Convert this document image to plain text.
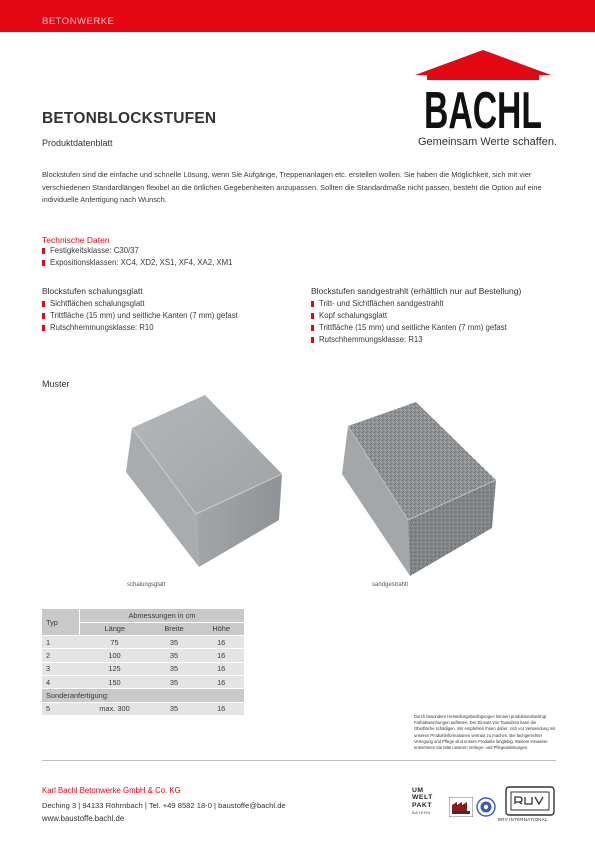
BETONWERKE
BACHL
BETONBLOCKSTUFEN
Produktdatenblatt	Gemeinsam Werte schaffen.
Blockstufen sind die einfache und schnelle Lösung, wenn Sie Aufgänge, Treppenanlagen etc. erstellen wollen. Sie haben die Möglichkeit, sich mit vier verschiedenen Standardlängen flexibel an die örtlichen Gegebenheiten anzupassen. Sollten die Standardmaße nicht passen, besteht die Option auf eine individuelle Anfertigung nach Wunsch.
Technische Daten
Festigkeitsklasse: C30/37
Expositionsklassen: XC4, XD2, XS1, XF4, XA2, XM1
Blockstufen schalungsglatt
Sichtflächen schalungsglatt
Trittfläche (15 mm) und seitliche Kanten (7 mm) gefast
Rutschhemmungsklasse: R10
Blockstufen sandgestrahlt (erhältlich nur auf Bestellung)
Tritt- und Sichtflächen sandgestrahlt
Kopf schalungsglatt
Trittfläche (15 mm) und seitliche Kanten (7 mm) gefast
Rutschhemmungsklasse: R13
Muster
schalungsglatt	sandgestrahlt
Typ	Abmessungen in cm		
	Länge	Breite	Höhe
1	75	35	16
2	100	35	16
3	125	35	16
4	150	35	16
Sonderanfertigung:			
5	max. 300	35	16
Durch besondere Herstellungsbedingungen können produktionsbedingt Farbabweichungen auftreten. Der Einsatz von Tausalzen kann die Oberfläche schädigen. Wir empfehlen Ihnen daher, sich vor Verwendung mit unseren Produktinformationen vertraut zu machen. Bei fachgerechter Verlegung und Pflege sind unsere Produkte langlebig. Weitere Hinweise entnehmen Sie bitte unseren Verlege- und Pflegeanleitungen.
Karl Bachl Betonwerke GmbH & Co. KG
Deching 3 | 94133 Röhrnbach | Tel. +49 8582 18-0 | baustoffe@bachl.de
www.baustoffe.bachl.de
UM
WELT
PAKT
BAYERN
BRV INTERNATIONAL
